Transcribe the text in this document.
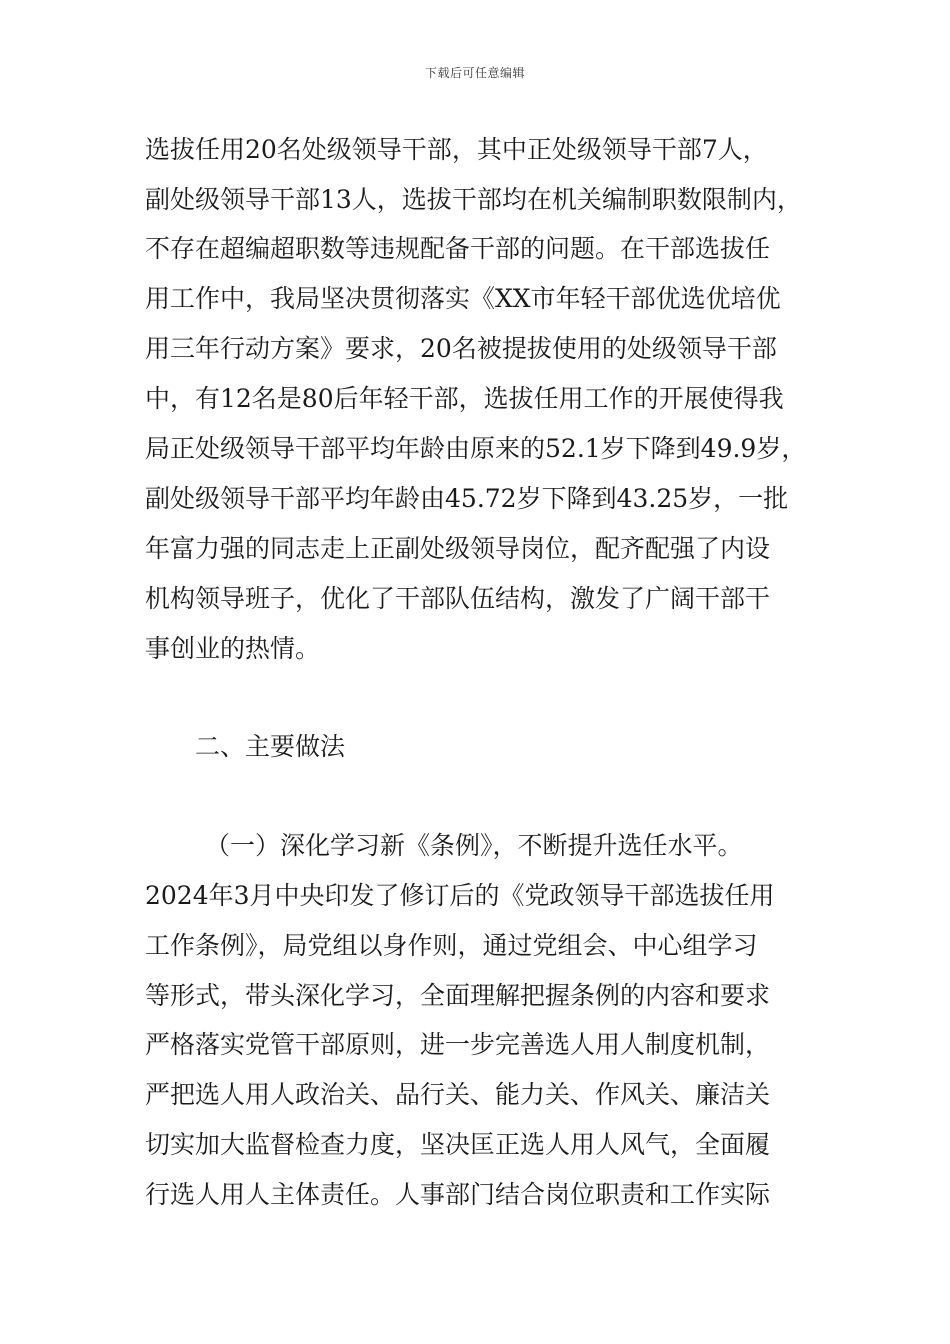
下载后可任意编辑
选拔任用20名处级领导干部，其中正处级领导干部7人，
副处级领导干部13人，选拔干部均在机关编制职数限制内，
不存在超编超职数等违规配备干部的问题。在干部选拔任
用工作中，我局坚决贯彻落实《XX市年轻干部优选优培优
用三年行动方案》要求，20名被提拔使用的处级领导干部
中，有12名是80后年轻干部，选拔任用工作的开展使得我
局正处级领导干部平均年龄由原来的52.1岁下降到49.9岁，
副处级领导干部平均年龄由45.72岁下降到43.25岁，一批
年富力强的同志走上正副处级领导岗位，配齐配强了内设
机构领导班子，优化了干部队伍结构，激发了广阔干部干
事创业的热情。
二、主要做法
（一）深化学习新《条例》，不断提升选任水平。
2024年3月中央印发了修订后的《党政领导干部选拔任用
工作条例》，局党组以身作则，通过党组会、中心组学习
等形式，带头深化学习，全面理解把握条例的内容和要求
严格落实党管干部原则，进一步完善选人用人制度机制，
严把选人用人政治关、品行关、能力关、作风关、廉洁关
切实加大监督检查力度，坚决匡正选人用人风气，全面履
行选人用人主体责任。人事部门结合岗位职责和工作实际
